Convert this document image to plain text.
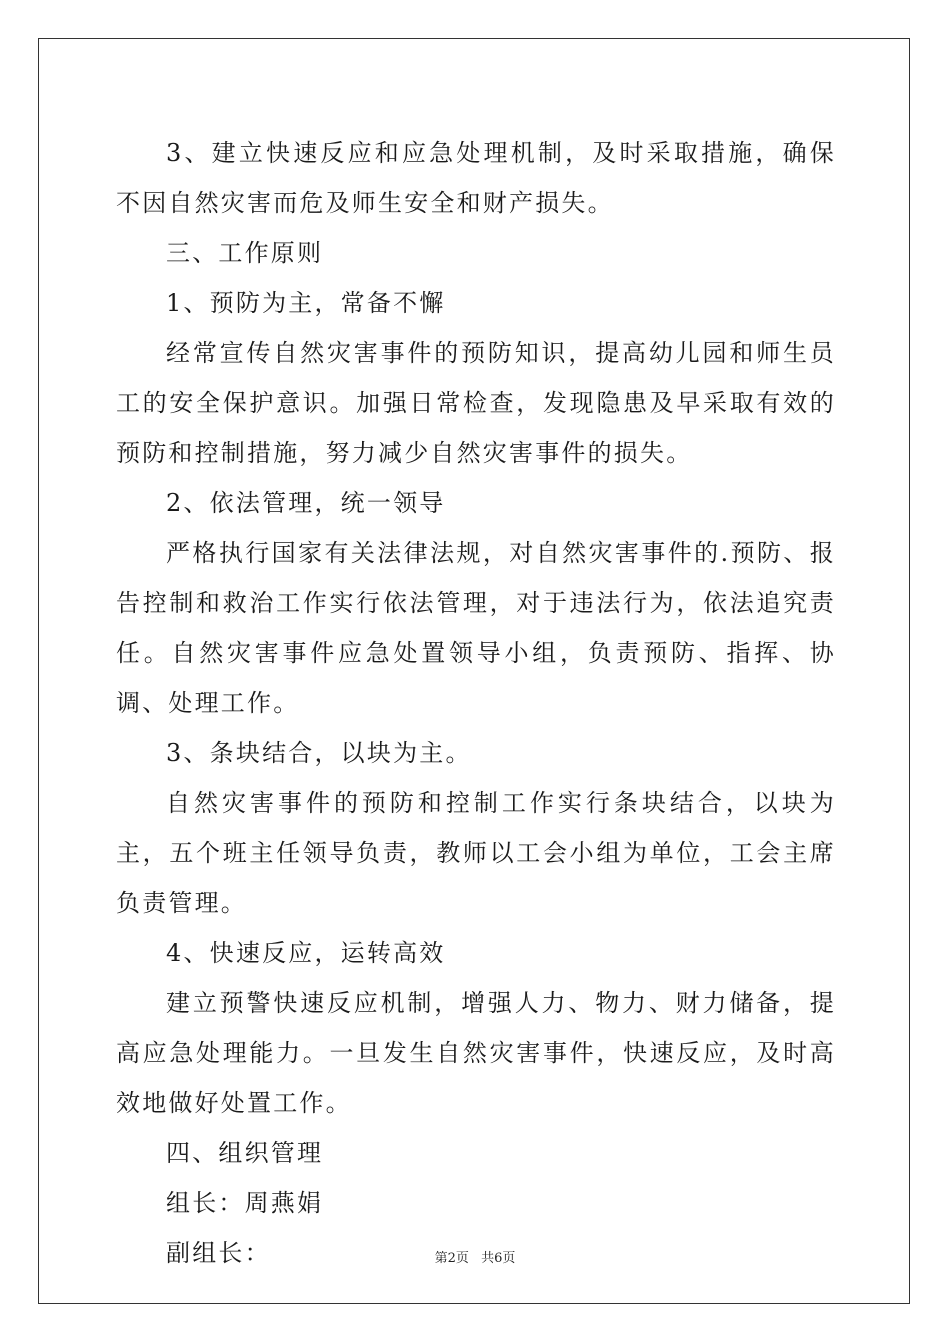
3、建立快速反应和应急处理机制，及时采取措施，确保不因自然灾害而危及师生安全和财产损失。

三、工作原则

1、预防为主，常备不懈

经常宣传自然灾害事件的预防知识，提高幼儿园和师生员工的安全保护意识。加强日常检查，发现隐患及早采取有效的预防和控制措施，努力减少自然灾害事件的损失。

2、依法管理，统一领导

严格执行国家有关法律法规，对自然灾害事件的.预防、报告控制和救治工作实行依法管理，对于违法行为，依法追究责任。自然灾害事件应急处置领导小组，负责预防、指挥、协调、处理工作。

3、条块结合，以块为主。

自然灾害事件的预防和控制工作实行条块结合，以块为主，五个班主任领导负责，教师以工会小组为单位，工会主席负责管理。

4、快速反应，运转高效

建立预警快速反应机制，增强人力、物力、财力储备，提高应急处理能力。一旦发生自然灾害事件，快速反应，及时高效地做好处置工作。

四、组织管理

组长：周燕娟

副组长：	第2页 共6页
